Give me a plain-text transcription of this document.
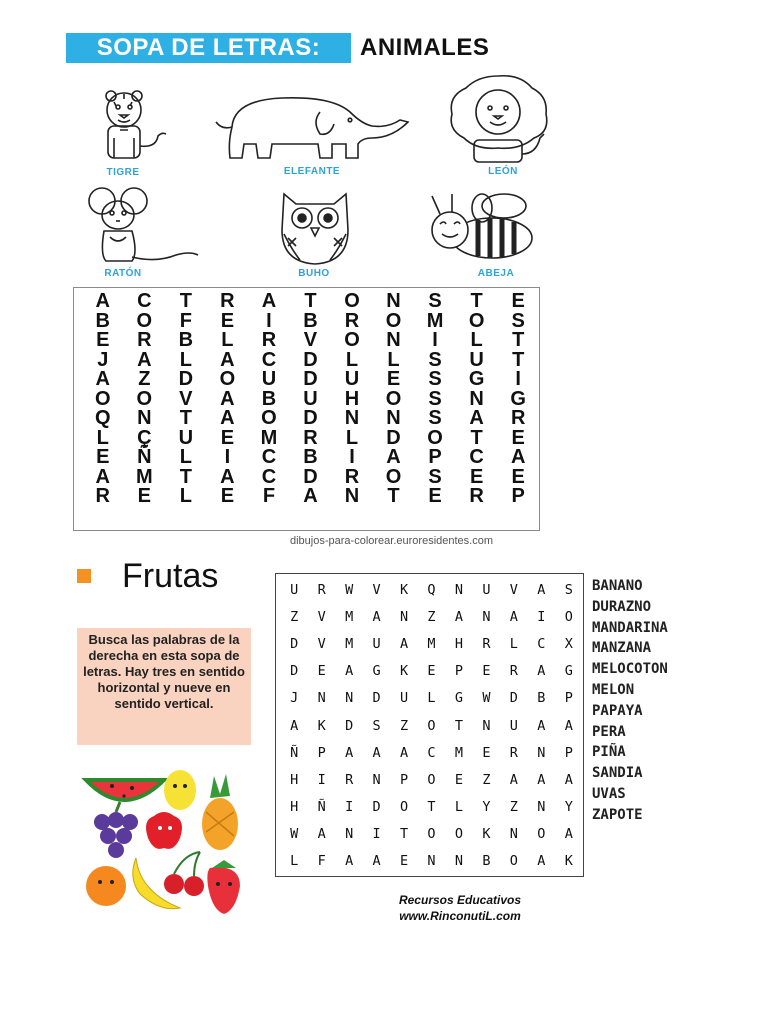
SOPA DE LETRAS:	ANIMALES
TIGRE	ELEFANTE	LEÓN
RATÓN	BUHO	ABEJA
A	C	T	R	A	T	O	N	S	T	E
B	O	F	E	I	B	R	O	M	O	S
E	R	B	L	R	V	O	N	I	L	T
J	A	L	A	C	D	L	L	S	U	T
A	Z	D	O	U	D	U	E	S	G	I
O	O	V	A	B	U	H	O	S	N	G
Q	N	T	A	O	D	N	N	S	A	R
L	Ç	U	E	M	R	L	D	O	T	E
E	Ñ	L	I	C	B	I	A	P	C	A
A	M	T	A	C	D	R	O	S	E	E
R	E	L	E	F	A	N	T	E	R	P
dibujos-para-colorear.euroresidentes.com
Frutas
Busca las palabras de la derecha en esta sopa de letras. Hay tres en sentido horizontal y nueve en sentido vertical.
U	R	W	V	K	Q	N	U	V	A	S
Z	V	M	A	N	Z	A	N	A	I	O
D	V	M	U	A	M	H	R	L	C	X
D	E	A	G	K	E	P	E	R	A	G
J	N	N	D	U	L	G	W	D	B	P
A	K	D	S	Z	O	T	N	U	A	A
Ñ	P	A	A	A	C	M	E	R	N	P
H	I	R	N	P	O	E	Z	A	A	A
H	Ñ	I	D	O	T	L	Y	Z	N	Y
W	A	N	I	T	O	O	K	N	O	A
L	F	A	A	E	N	N	B	O	A	K
BANANO
DURAZNO
MANDARINA
MANZANA
MELOCOTON
MELON
PAPAYA
PERA
PIÑA
SANDIA
UVAS
ZAPOTE
Recursos Educativos
www.RinconutiL.com
